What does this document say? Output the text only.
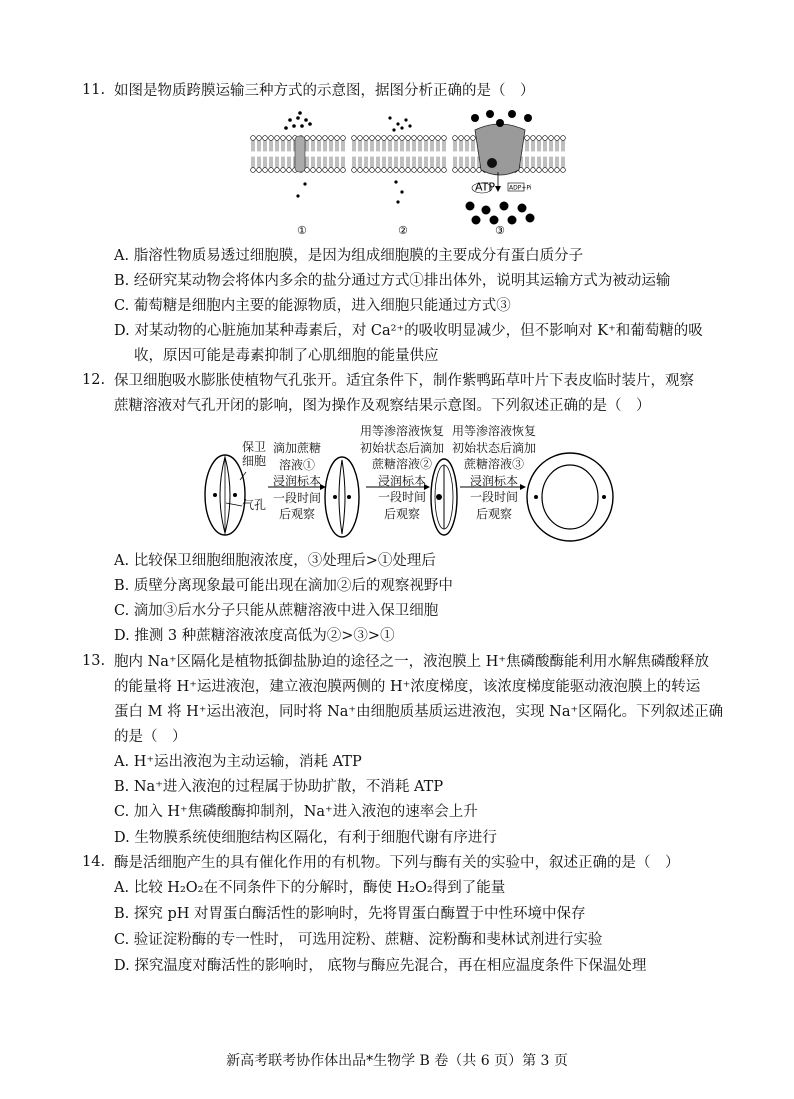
11. 如图是物质跨膜运输三种方式的示意图，据图分析正确的是（　）
ATP ADP+Pi
①	②	③
A. 脂溶性物质易透过细胞膜，是因为组成细胞膜的主要成分有蛋白质分子
B. 经研究某动物会将体内多余的盐分通过方式①排出体外，说明其运输方式为被动运输
C. 葡萄糖是细胞内主要的能源物质，进入细胞只能通过方式③
D. 对某动物的心脏施加某种毒素后，对 Ca²⁺的吸收明显减少，但不影响对 K⁺和葡萄糖的吸
收，原因可能是毒素抑制了心肌细胞的能量供应
12. 保卫细胞吸水膨胀使植物气孔张开。适宜条件下，制作紫鸭跖草叶片下表皮临时装片，观察
蔗糖溶液对气孔开闭的影响，图为操作及观察结果示意图。下列叙述正确的是（　）
保卫
细胞
气孔
滴加蔗糖
溶液①
浸润标本
一段时间
后观察
用等渗溶液恢复
初始状态后滴加
蔗糖溶液②
浸润标本
一段时间
后观察
用等渗溶液恢复
初始状态后滴加
蔗糖溶液③
浸润标本
一段时间
后观察
A. 比较保卫细胞细胞液浓度，③处理后>①处理后
B. 质壁分离现象最可能出现在滴加②后的观察视野中
C. 滴加③后水分子只能从蔗糖溶液中进入保卫细胞
D. 推测 3 种蔗糖溶液浓度高低为②>③>①
13. 胞内 Na⁺区隔化是植物抵御盐胁迫的途径之一，液泡膜上 H⁺焦磷酸酶能利用水解焦磷酸释放
的能量将 H⁺运进液泡，建立液泡膜两侧的 H⁺浓度梯度，该浓度梯度能驱动液泡膜上的转运
蛋白 M 将 H⁺运出液泡，同时将 Na⁺由细胞质基质运进液泡，实现 Na⁺区隔化。下列叙述正确
的是（　）
A. H⁺运出液泡为主动运输，消耗 ATP
B. Na⁺进入液泡的过程属于协助扩散，不消耗 ATP
C. 加入 H⁺焦磷酸酶抑制剂，Na⁺进入液泡的速率会上升
D. 生物膜系统使细胞结构区隔化，有利于细胞代谢有序进行
14. 酶是活细胞产生的具有催化作用的有机物。下列与酶有关的实验中，叙述正确的是（　）
A. 比较 H₂O₂在不同条件下的分解时，酶使 H₂O₂得到了能量
B. 探究 pH 对胃蛋白酶活性的影响时，先将胃蛋白酶置于中性环境中保存
C. 验证淀粉酶的专一性时， 可选用淀粉、蔗糖、淀粉酶和斐林试剂进行实验
D. 探究温度对酶活性的影响时， 底物与酶应先混合，再在相应温度条件下保温处理
新高考联考协作体出品*生物学 B 卷（共 6 页）第 3 页
